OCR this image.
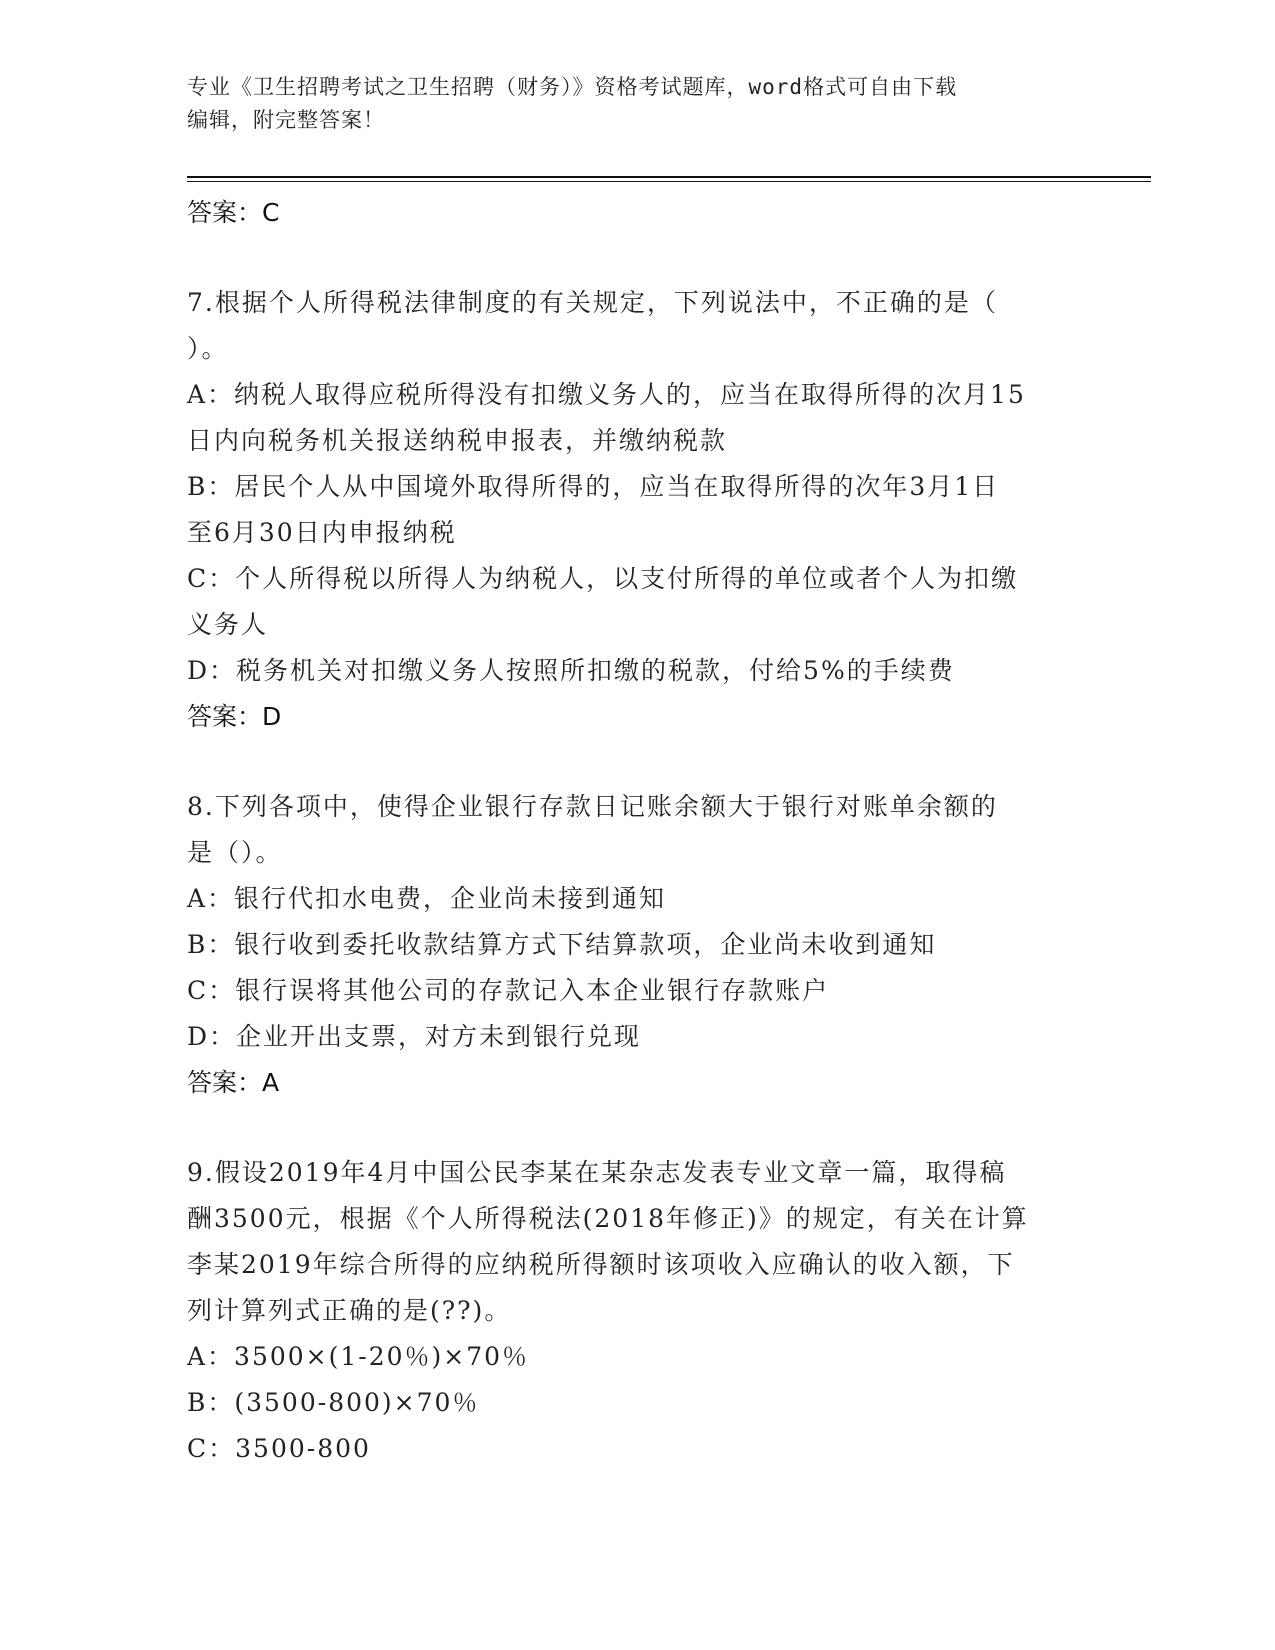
专业《卫生招聘考试之卫生招聘（财务）》资格考试题库，word格式可自由下载
编辑，附完整答案！
答案：C
7.根据个人所得税法律制度的有关规定，下列说法中，不正确的是（
）。
A：纳税人取得应税所得没有扣缴义务人的，应当在取得所得的次月15
日内向税务机关报送纳税申报表，并缴纳税款
B：居民个人从中国境外取得所得的，应当在取得所得的次年3月1日
至6月30日内申报纳税
C：个人所得税以所得人为纳税人，以支付所得的单位或者个人为扣缴
义务人
D：税务机关对扣缴义务人按照所扣缴的税款，付给5%的手续费
答案：D
8.下列各项中，使得企业银行存款日记账余额大于银行对账单余额的
是（）。
A：银行代扣水电费，企业尚未接到通知
B：银行收到委托收款结算方式下结算款项，企业尚未收到通知
C：银行误将其他公司的存款记入本企业银行存款账户
D：企业开出支票，对方未到银行兑现
答案：A
9.假设2019年4月中国公民李某在某杂志发表专业文章一篇，取得稿
酬3500元，根据《个人所得税法(2018年修正)》的规定，有关在计算
李某2019年综合所得的应纳税所得额时该项收入应确认的收入额，下
列计算列式正确的是(??)。
A：3500×(1-20％)×70％
B：(3500-800)×70％
C：3500-800
